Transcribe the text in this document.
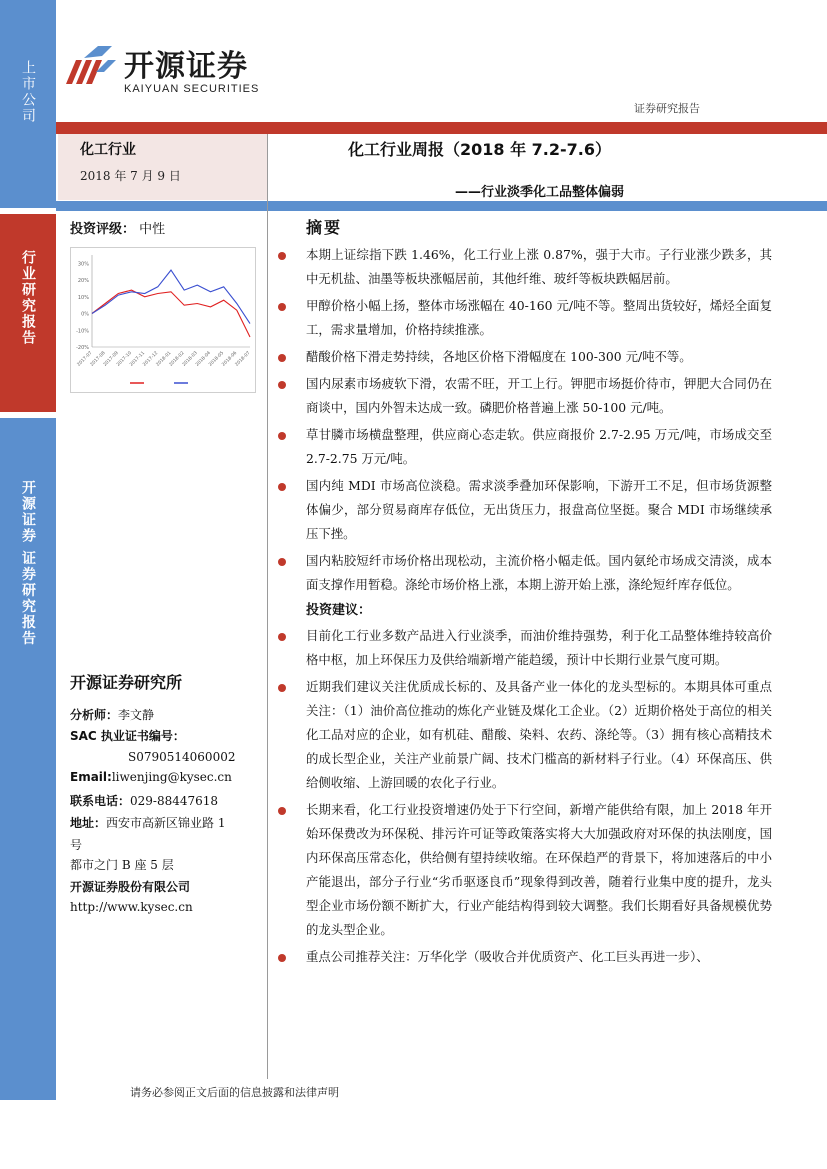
上市公司
行业研究报告
开源证券 证券研究报告
开源证券
KAIYUAN SECURITIES
证券研究报告
化工行业
2018 年 7 月 9 日
化工行业周报（2018 年 7.2-7.6）
——行业淡季化工品整体偏弱
投资评级： 中性
-20%
-10%
0%
10%
20%
30%
2017-07
2017-08
2017-09
2017-10
2017-11
2017-12
2018-01
2018-02
2018-03
2018-04
2018-05
2018-06
2018-07
开源证券研究所
分析师：李文静
SAC 执业证书编号：
S0790514060002
Email:liwenjing@kysec.cn
联系电话：029-88447618
地址：西安市高新区锦业路 1
号
都市之门 B 座 5 层
开源证券股份有限公司
http://www.kysec.cn
摘要
本期上证综指下跌 1.46%，化工行业上涨 0.87%，强于大市。子行业涨少跌多，其中无机盐、油墨等板块涨幅居前，其他纤维、玻纤等板块跌幅居前。
甲醇价格小幅上扬，整体市场涨幅在 40-160 元/吨不等。整周出货较好，烯烃全面复工，需求量增加，价格持续推涨。
醋酸价格下滑走势持续，各地区价格下滑幅度在 100-300 元/吨不等。
国内尿素市场疲软下滑，农需不旺，开工上行。钾肥市场挺价待市，钾肥大合同仍在商谈中，国内外智未达成一致。磷肥价格普遍上涨 50-100 元/吨。
草甘膦市场横盘整理，供应商心态走软。供应商报价 2.7-2.95 万元/吨，市场成交至 2.7-2.75 万元/吨。
国内纯 MDI 市场高位淡稳。需求淡季叠加环保影响，下游开工不足，但市场货源整体偏少，部分贸易商库存低位，无出货压力，报盘高位坚挺。聚合 MDI 市场继续承压下挫。
国内粘胶短纤市场价格出现松动，主流价格小幅走低。国内氨纶市场成交清淡，成本面支撑作用暂稳。涤纶市场价格上涨，本期上游开始上涨，涤纶短纤库存低位。
投资建议：
目前化工行业多数产品进入行业淡季，而油价维持强势，利于化工品整体维持较高价格中枢，加上环保压力及供给端新增产能趋缓，预计中长期行业景气度可期。
近期我们建议关注优质成长标的、及具备产业一体化的龙头型标的。本期具体可重点关注：（1）油价高位推动的炼化产业链及煤化工企业。（2）近期价格处于高位的相关化工品对应的企业，如有机硅、醋酸、染料、农药、涤纶等。（3）拥有核心高精技术的成长型企业，关注产业前景广阔、技术门槛高的新材料子行业。（4）环保高压、供给侧收缩、上游回暖的农化子行业。
长期来看，化工行业投资增速仍处于下行空间，新增产能供给有限，加上 2018 年开始环保费改为环保税、排污许可证等政策落实将大大加强政府对环保的执法刚度，国内环保高压常态化，供给侧有望持续收缩。在环保趋严的背景下，将加速落后的中小产能退出，部分子行业“劣币驱逐良币”现象得到改善，随着行业集中度的提升，龙头型企业市场份额不断扩大，行业产能结构得到较大调整。我们长期看好具备规模优势的龙头型企业。
重点公司推荐关注：万华化学（吸收合并优质资产、化工巨头再进一步）、
请务必参阅正文后面的信息披露和法律声明
